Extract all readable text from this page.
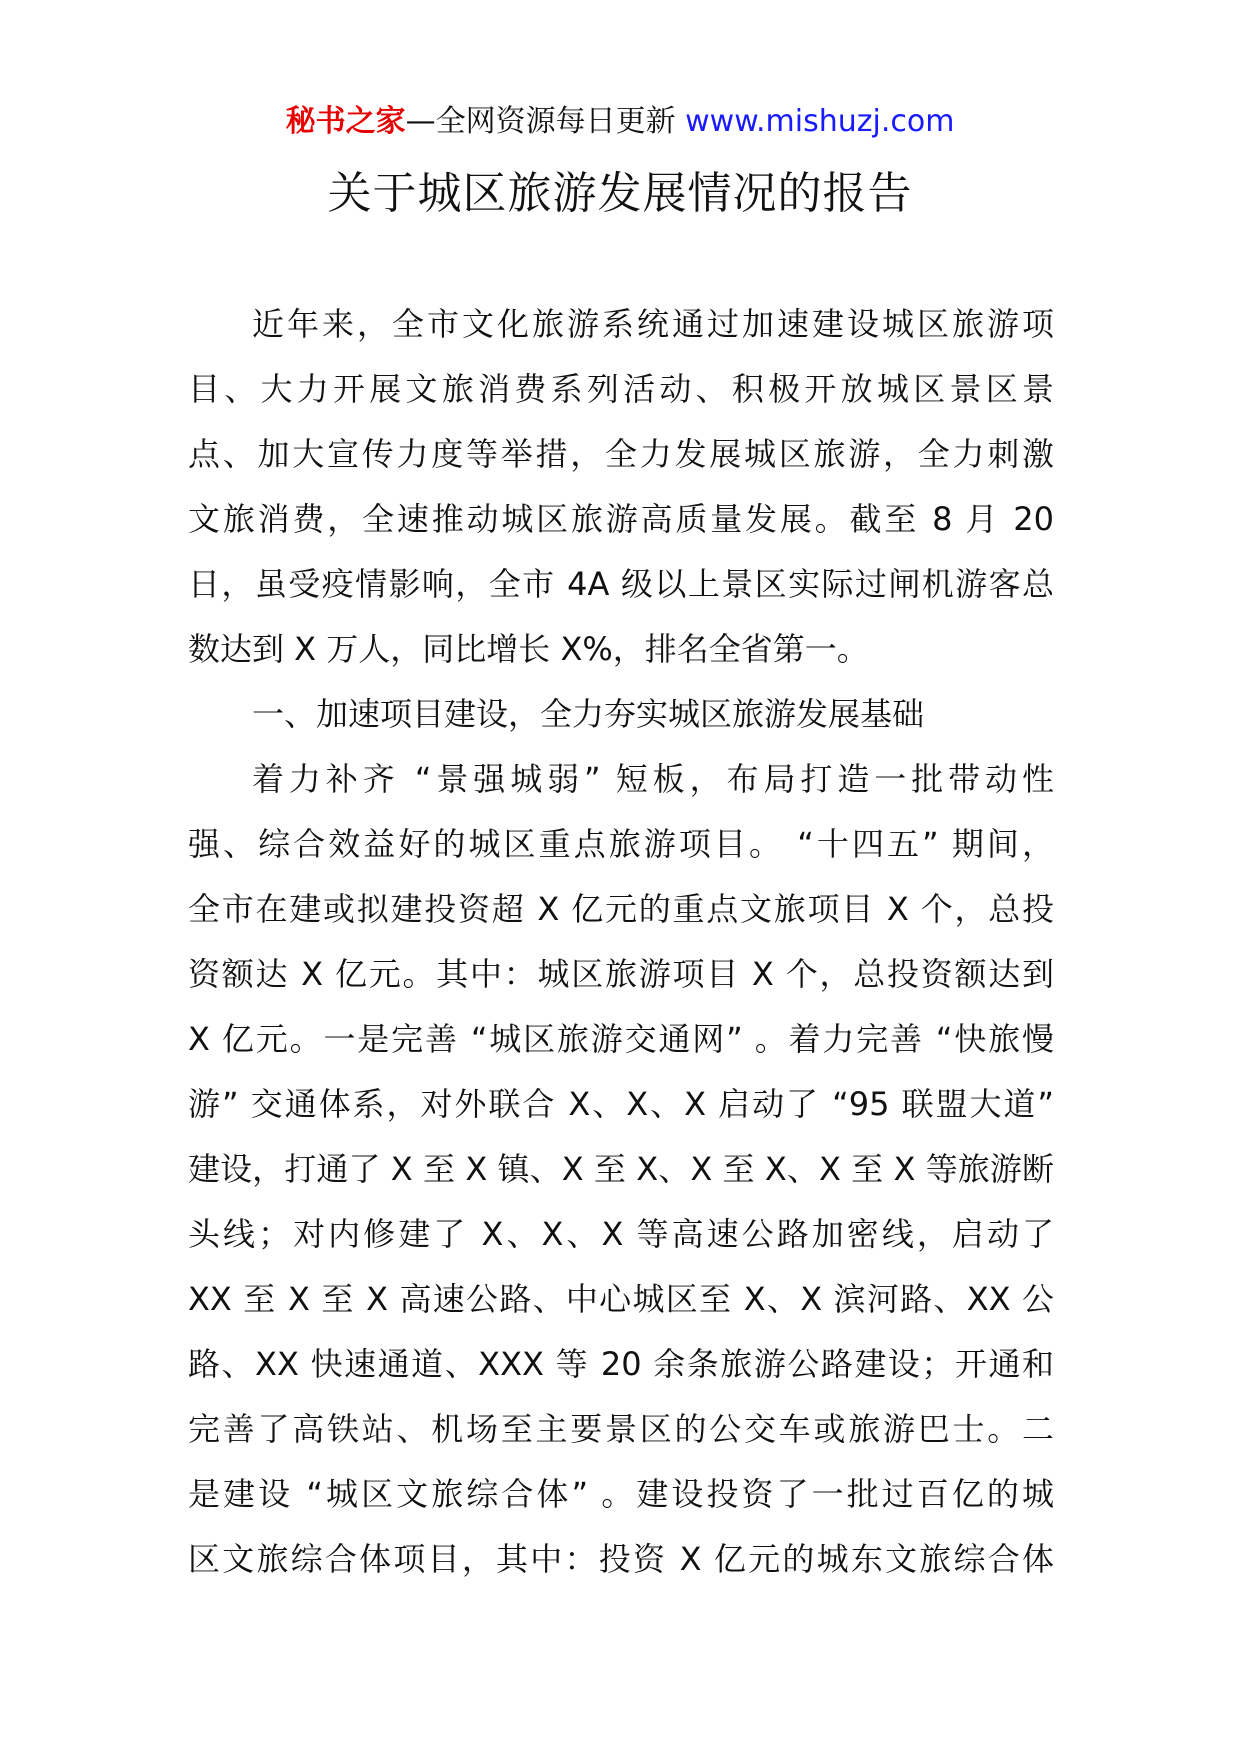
秘书之家—全网资源每日更新 www.mishuzj.com
关于城区旅游发展情况的报告
近年来，全市文化旅游系统通过加速建设城区旅游项
目、大力开展文旅消费系列活动、积极开放城区景区景
点、加大宣传力度等举措，全力发展城区旅游，全力刺激
文旅消费，全速推动城区旅游高质量发展。截至 8 月 20
日，虽受疫情影响，全市 4A 级以上景区实际过闸机游客总
数达到 X 万人，同比增长 X%，排名全省第一。
一、加速项目建设，全力夯实城区旅游发展基础
着力补齐 “景强城弱” 短板，布局打造一批带动性
强、综合效益好的城区重点旅游项目。 “十四五” 期间，
全市在建或拟建投资超 X 亿元的重点文旅项目 X 个，总投
资额达 X 亿元。其中：城区旅游项目 X 个，总投资额达到
X 亿元。一是完善 “城区旅游交通网” 。着力完善 “快旅慢
游” 交通体系，对外联合 X、X、X 启动了 “95 联盟大道”
建设，打通了 X 至 X 镇、X 至 X、X 至 X、X 至 X 等旅游断
头线；对内修建了 X、X、X 等高速公路加密线，启动了
XX 至 X 至 X 高速公路、中心城区至 X、X 滨河路、XX 公
路、XX 快速通道、XXX 等 20 余条旅游公路建设；开通和
完善了高铁站、机场至主要景区的公交车或旅游巴士。二
是建设 “城区文旅综合体” 。建设投资了一批过百亿的城
区文旅综合体项目，其中：投资 X 亿元的城东文旅综合体
